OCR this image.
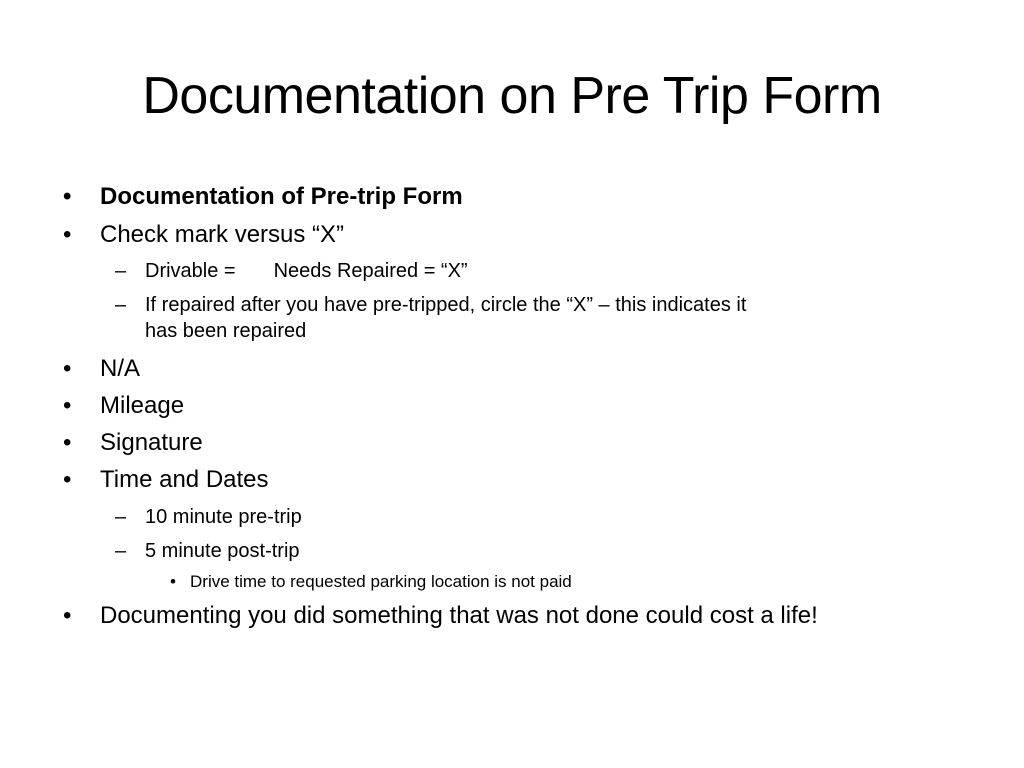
Documentation on Pre Trip Form
• Documentation of Pre-trip Form
• Check mark versus “X”
– Drivable = Needs Repaired = “X”
– If repaired after you have pre-tripped, circle the “X” – this indicates it
has been repaired
• N/A
• Mileage
• Signature
• Time and Dates
– 10 minute pre-trip
– 5 minute post-trip
• Drive time to requested parking location is not paid
• Documenting you did something that was not done could cost a life!
